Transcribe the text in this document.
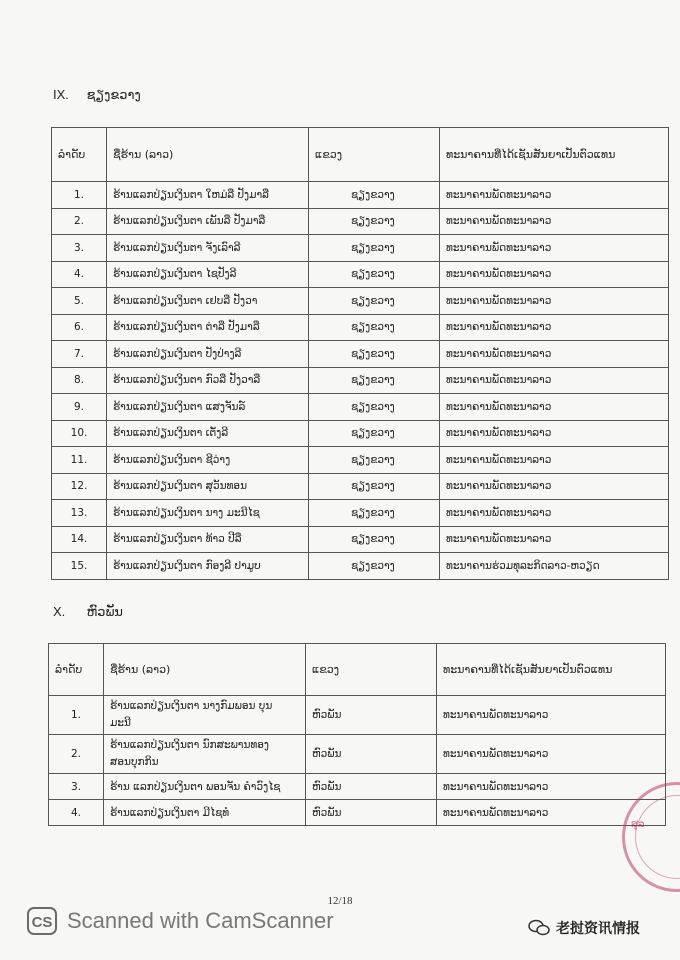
IX. ຊຽງຂວາງ
ລຳດັບ	ຊື່ຮ້ານ (ລາວ)	ແຂວງ	ທະນາຄານທີ່ໄດ້ເຊັນສັນຍາເປັນຕົວແທນ
1.	ຮ້ານແລກປ່ຽນເງິນຕາ ໃຫມ່ລື ປັງມາລື	ຊຽງຂວາງ	ທະນາຄານພັດທະນາລາວ
2.	ຮ້ານແລກປ່ຽນເງິນຕາ ເພັນລື ປັງມາລື	ຊຽງຂວາງ	ທະນາຄານພັດທະນາລາວ
3.	ຮ້ານແລກປ່ຽນເງິນຕາ ຈັງເລົາລີ	ຊຽງຂວາງ	ທະນາຄານພັດທະນາລາວ
4.	ຮ້ານແລກປ່ຽນເງິນຕາ ໄຊປັງລີ	ຊຽງຂວາງ	ທະນາຄານພັດທະນາລາວ
5.	ຮ້ານແລກປ່ຽນເງິນຕາ ເຢບລື ປັງວາ	ຊຽງຂວາງ	ທະນາຄານພັດທະນາລາວ
6.	ຮ້ານແລກປ່ຽນເງິນຕາ ຕ່າລື ປັງມາລື	ຊຽງຂວາງ	ທະນາຄານພັດທະນາລາວ
7.	ຮ້ານແລກປ່ຽນເງິນຕາ ປັງປ່າງລີ	ຊຽງຂວາງ	ທະນາຄານພັດທະນາລາວ
8.	ຮ້ານແລກປ່ຽນເງິນຕາ ກົວລື ປັງວາລື	ຊຽງຂວາງ	ທະນາຄານພັດທະນາລາວ
9.	ຮ້ານແລກປ່ຽນເງິນຕາ ແສງຈັນລ໌	ຊຽງຂວາງ	ທະນາຄານພັດທະນາລາວ
10.	ຮ້ານແລກປ່ຽນເງິນຕາ ເຕັ່ງລີ	ຊຽງຂວາງ	ທະນາຄານພັດທະນາລາວ
11.	ຮ້ານແລກປ່ຽນເງິນຕາ ຊີວ່າງ	ຊຽງຂວາງ	ທະນາຄານພັດທະນາລາວ
12.	ຮ້ານແລກປ່ຽນເງິນຕາ ສຸວັນທອນ	ຊຽງຂວາງ	ທະນາຄານພັດທະນາລາວ
13.	ຮ້ານແລກປ່ຽນເງິນຕາ ນາງ ມະນີໄຊ	ຊຽງຂວາງ	ທະນາຄານພັດທະນາລາວ
14.	ຮ້ານແລກປ່ຽນເງິນຕາ ທ້າວ ປີລື	ຊຽງຂວາງ	ທະນາຄານພັດທະນາລາວ
15.	ຮ້ານແລກປ່ຽນເງິນຕາ ກົອງລີ ປາມູບ	ຊຽງຂວາງ	ທະນາຄານຮ່ວມທຸລະກິດລາວ-ຫວຽດ
X. ຫົວພັນ
ລຳດັບ	ຊື່ຮ້ານ (ລາວ)	ແຂວງ	ທະນາຄານທີ່ໄດ້ເຊັນສັນຍາເປັນຕົວແທນ
1.	ຮ້ານແລກປ່ຽນເງິນຕາ ນາງກົມພອນ ບຸນ
ມະນີ	ຫົວພັນ	ທະນາຄານພັດທະນາລາວ
2.	ຮ້ານແລກປ່ຽນເງິນຕາ ນົກສະພານທອງ
ສອນບຸກກິນ	ຫົວພັນ	ທະນາຄານພັດທະນາລາວ
3.	ຮ້ານ ແລກປ່ຽນເງິນຕາ ພອນຈັນ ຄຳວົງໄຊ	ຫົວພັນ	ທະນາຄານພັດທະນາລາວ
4.	ຮ້ານແລກປ່ຽນເງິນຕາ ມີໄຊທໍ	ຫົວພັນ	ທະນາຄານພັດທະນາລາວ
ສຸລ
12/18
CS Scanned with CamScanner	老挝资讯情报
